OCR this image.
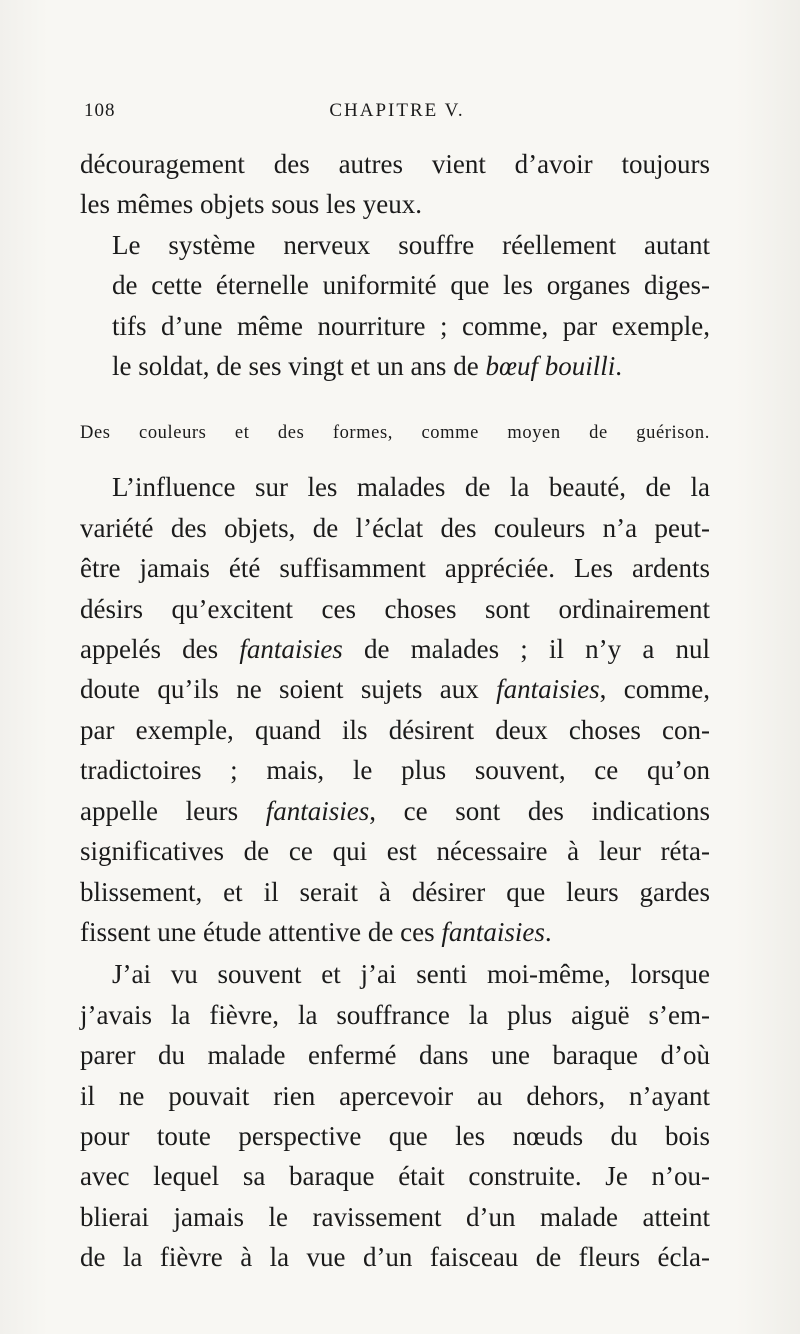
108	CHAPITRE V.

découragement des autres vient d’avoir toujours
les mêmes objets sous les yeux.

Le système nerveux souffre réellement autant
de cette éternelle uniformité que les organes diges-
tifs d’une même nourriture ; comme, par exemple,
le soldat, de ses vingt et un ans de bœuf bouilli.

Des couleurs et des formes, comme moyen de guérison.

L’influence sur les malades de la beauté, de la
variété des objets, de l’éclat des couleurs n’a peut-
être jamais été suffisamment appréciée. Les ardents
désirs qu’excitent ces choses sont ordinairement
appelés des fantaisies de malades ; il n’y a nul
doute qu’ils ne soient sujets aux fantaisies, comme,
par exemple, quand ils désirent deux choses con-
tradictoires ; mais, le plus souvent, ce qu’on
appelle leurs fantaisies, ce sont des indications
significatives de ce qui est nécessaire à leur réta-
blissement, et il serait à désirer que leurs gardes
fissent une étude attentive de ces fantaisies.

J’ai vu souvent et j’ai senti moi-même, lorsque
j’avais la fièvre, la souffrance la plus aiguë s’em-
parer du malade enfermé dans une baraque d’où
il ne pouvait rien apercevoir au dehors, n’ayant
pour toute perspective que les nœuds du bois
avec lequel sa baraque était construite. Je n’ou-
blierai jamais le ravissement d’un malade atteint
de la fièvre à la vue d’un faisceau de fleurs écla-
